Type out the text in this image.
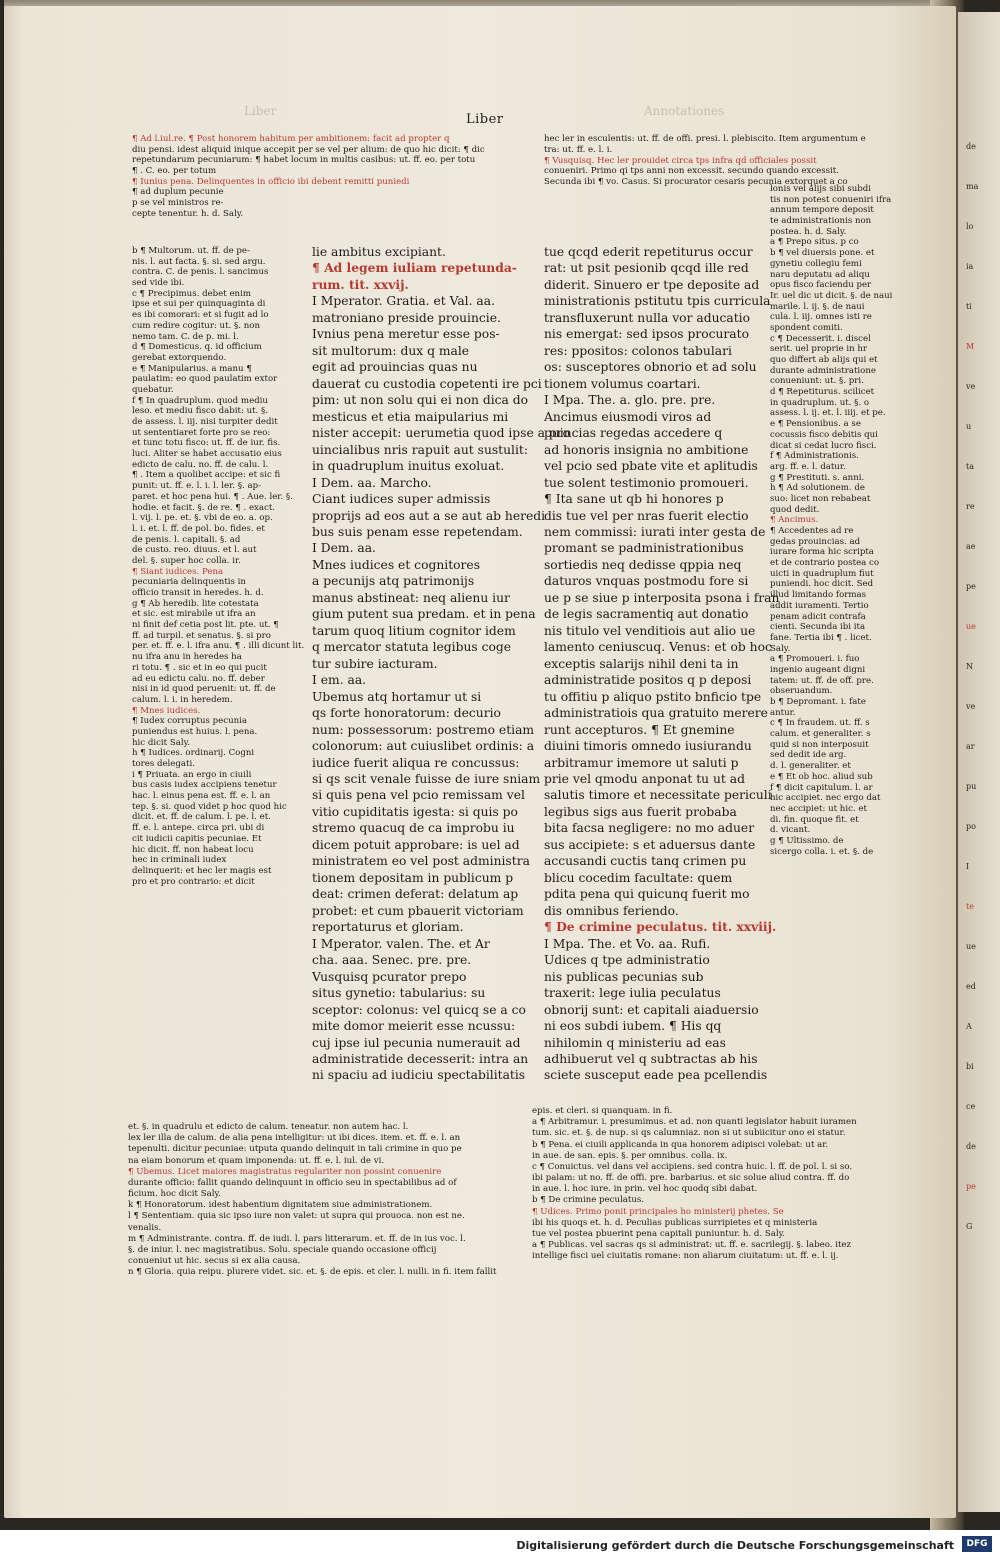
de
ma
lo
ia
ti
M
ve
u
ta
re
ae
pe
ue
N
ve
ar
pu
po
I
te
ue
ed
A
bi
ce
de
pe
G
Liber	Annotationes
Liber
¶ Ad l.iul.re. ¶ Post honorem habitum per ambitionem: facit ad propter q
diu pensi. idest aliquid inique accepit per se vel per alium: de quo hic dicit: ¶ dic
repetundarum pecuniarum: ¶ habet locum in multis casibus: ut. ff. eo. per totu
¶ . C. eo. per totum
¶ Iunius pena. Delinquentes in officio ibi debent remitti puniedi
¶ ad duplum pecunie
p se vel ministros re-
cepte tenentur. h. d. Saly.
b ¶ Multorum. ut. ff. de pe-
nis. l. aut facta. §. si. sed argu.
contra. C. de penis. l. sancimus
sed vide ibi.
c ¶ Precipimus. debet enim
ipse et sui per quinquaginta di
es ibi comorari: et si fugit ad lo
cum redire cogitur: ut. §. non
nemo tam. C. de p. mi. l.
d ¶ Domesticus. q. id officium
gerebat extorquendo.
e ¶ Manipularius. a manu ¶
paulatim: eo quod paulatim extor
quebatur.
f ¶ In quadruplum. quod mediu
leso. et mediu fisco dabit: ut. §.
de assess. l. iij. nisi turpiter dedit
ut sententiaret forte pro se reo:
et tunc totu fisco: ut. ff. de iur. fis.
luci. Aliter se habet accusatio eius
edicto de calu. no. ff. de calu. l.
¶ . Item a quolibet accipe: et sic fi
punit: ut. ff. e. l. i. l. ler. §. ap-
paret. et hoc pena hui. ¶ . Aue. ler. §.
hodie. et facit. §. de re. ¶ . exact.
l. vij. l. pe. et. §. vbi de eo. a. op.
l. i. et. l. ff. de pol. bo. fides. et
de penis. l. capitali. §. ad
de custo. reo. diuus. et l. aut
del. §. super hoc colla. ir.
¶ Siant iudices. Pena
pecuniaria delinquentis in
officio transit in heredes. h. d.
g ¶ Ab heredib. lite cotestata
et sic. est mirabile ut ifra an
ni finit def cetia post lit. pte. ut. ¶
ff. ad turpil. et senatus. §. si pro
per. et. ff. e. l. ifra anu. ¶ . illi dicunt lit.
nu ifra anu in heredes ha
ri totu. ¶ . sic et in eo qui pucit
ad eu edictu calu. no. ff. deber
nisi in id quod peruenit: ut. ff. de
calum. l. i. in heredem.
¶ Mnes iudices.
¶ Iudex corruptus pecunia
puniendus est huius. l. pena.
hic dicit Saly.
h ¶ Iudices. ordinarij. Cogni
tores delegati.
i ¶ Priuata. an ergo in ciuili
bus casis iudex accipiens tenetur
hac. l. einus pena est. ff. e. l. an
tep. §. si. quod videt p hoc quod hic
dicit. et. ff. de calum. l. pe. l. et.
ff. e. l. antepe. circa pri. ubi di
cit iudicii capitis pecuniae. Et
hic dicit. ff. non habeat locu
hec in criminali iudex
delinquerit: et hec ler magis est
pro et pro contrario: et dicit
lie ambitus excipiant.
¶ Ad legem iuliam repetunda-
rum. tit. xxvij.
I Mperator. Gratia. et Val. aa.
matroniano preside prouincie.
Ivnius pena meretur esse pos-
sit multorum: dux q male
egit ad prouincias quas nu
dauerat cu custodia copetenti ire pci
pim: ut non solu qui ei non dica do
mesticus et etia maipularius mi
nister accepit: uerumetia quod ipse a pro
uincialibus nris rapuit aut sustulit:
in quadruplum inuitus exoluat.
I Dem. aa. Marcho.
Ciant iudices super admissis
proprijs ad eos aut a se aut ab heredi
bus suis penam esse repetendam.
I Dem. aa.
Mnes iudices et cognitores
a pecunijs atq patrimonijs
manus abstineat: neq alienu iur
gium putent sua predam. et in pena
tarum quoq litium cognitor idem
q mercator statuta legibus coge
tur subire iacturam.
I em. aa.
Ubemus atq hortamur ut si
qs forte honoratorum: decurio
num: possessorum: postremo etiam
colonorum: aut cuiuslibet ordinis: a
iudice fuerit aliqua re concussus:
si qs scit venale fuisse de iure sniam
si quis pena vel pcio remissam vel
vitio cupiditatis igesta: si quis po
stremo quacuq de ca improbu iu
dicem potuit approbare: is uel ad
ministratem eo vel post administra
tionem depositam in publicum p
deat: crimen deferat: delatum ap
probet: et cum pbauerit victoriam
reportaturus et gloriam.
I Mperator. valen. The. et Ar
cha. aaa. Senec. pre. pre.
Vusquisq pcurator prepo
situs gynetio: tabularius: su
sceptor: colonus: vel quicq se a co
mite domor meierit esse ncussu:
cuj ipse iul pecunia numerauit ad
administratide decesserit: intra an
ni spaciu ad iudiciu spectabilitatis
et. §. in quadrulu et edicto de calum. teneatur. non autem hac. l.
lex ler illa de calum. de alia pena intelligitur: ut ibi dices. item. et. ff. e. l. an
tepenulti. dicitur pecuniae: utputa quando delinquit in tali crimine in quo pe
na eiam bonorum et quam imponenda: ut. ff. e. l. iul. de vi.
¶ Ubemus. Licet maiores magistratus regulariter non possint conuenire
durante officio: fallit quando delinquunt in officio seu in spectabilibus ad of
ficium. hoc dicit Saly.
k ¶ Honoratorum. idest habentium dignitatem siue administrationem.
l ¶ Sententiam. quia sic ipso iure non valet: ut supra qui prouoca. non est ne.
venalis.
m ¶ Administrante. contra. ff. de iudi. l. pars litterarum. et. ff. de in ius voc. l.
§. de iniur. l. nec magistratibus. Solu. speciale quando occasione officij
conueniut ut hic. secus si ex alia causa.
n ¶ Gloria. quia reipu. plurere videt. sic. et. §. de epis. et cler. l. nulli. in fi. item fallit
hec ler in esculentis: ut. ff. de offi. presi. l. plebiscito. Item argumentum e
tra: ut. ff. e. l. i.
¶ Vusquisq. Hec ler prouidet circa tps infra qd officiales possit
conueniri. Primo qi tps anni non excessit. secundo quando excessit.
Secunda ibi ¶ vo. Casus. Si procurator cesaris pecunia extorquet a co
tue qcqd ederit repetiturus occur
rat: ut psit pesionib qcqd ille red
diderit. Sinuero er tpe deposite ad
ministrationis pstitutu tpis curricula
transfluxerunt nulla vor aducatio
nis emergat: sed ipsos procurato
res: ppositos: colonos tabulari
os: susceptores obnorio et ad solu
tionem volumus coartari.
I Mpa. The. a. glo. pre. pre.
Ancimus eiusmodi viros ad
puincias regedas accedere q
ad honoris insignia no ambitione
vel pcio sed pbate vite et aplitudis
tue solent testimonio promoueri.
¶ Ita sane ut qb hi honores p
dis tue vel per nras fuerit electio
nem commissi: iurati inter gesta de
promant se padministrationibus
sortiedis neq dedisse qppia neq
daturos vnquas postmodu fore si
ue p se siue p interposita psona i fran
de legis sacramentiq aut donatio
nis titulo vel venditiois aut alio ue
lamento ceniuscuq. Venus: et ob hoc
exceptis salarijs nihil deni ta in
administratide positos q p deposi
tu offitiu p aliquo pstito bnficio tpe
administratiois qua gratuito merere
runt accepturos. ¶ Et gnemine
diuini timoris omnedo iusiurandu
arbitramur imemore ut saluti p
prie vel qmodu anponat tu ut ad
salutis timore et necessitate periculi
legibus sigs aus fuerit probaba
bita facsa negligere: no mo aduer
sus accipiete: s et aduersus dante
accusandi cuctis tanq crimen pu
blicu cocedim facultate: quem
pdita pena qui quicunq fuerit mo
dis omnibus feriendo.
¶ De crimine peculatus. tit. xxviij.
I Mpa. The. et Vo. aa. Rufi.
Udices q tpe administratio
nis publicas pecunias sub
traxerit: lege iulia peculatus
obnorij sunt: et capitali aiaduersio
ni eos subdi iubem. ¶ His qq
nihilomin q ministeriu ad eas
adhibuerut vel q subtractas ab his
sciete susceput eade pea pcellendis
lonis vel alijs sibi subdi
tis non potest conueniri ifra
annum tempore deposit
te administrationis non
postea. h. d. Saly.
a ¶ Prepo situs. p co
b ¶ vel diuersis pone. et
gynetiu collegiu femi
naru deputatu ad aliqu
opus fisco faciendu per
Ir. uel dic ut dicit. §. de naui
marile. l. ij. §. de naui
cula. l. iij. omnes isti re
spondent comiti.
c ¶ Decesserit. i. discel
serit. uel proprie in hr
quo differt ab alijs qui et
durante administratione
conueniunt: ut. §. pri.
d ¶ Repetiturus. scilicet
in quadruplum. ut. §. o
assess. l. ij. et. l. iiij. et pe.
e ¶ Pensionibus. a se
cocussis fisco debitis qui
dicat si cedat lucro fisci.
f ¶ Administrationis.
arg. ff. e. l. datur.
g ¶ Prestituti. s. anni.
h ¶ Ad solutionem. de
suo: licet non rebabeat
quod dedit.
¶ Ancimus.
¶ Accedentes ad re
gedas prouincias. ad
iurare forma hic scripta
et de contrario postea co
uicti in quadruplum fiut
puniendi. hoc dicit. Sed
illud limitando formas
addit iuramenti. Tertio
penam adicit contrafa
cienti. Secunda ibi ita
fane. Tertia ibi ¶ . licet.
Saly.
a ¶ Promoueri. i. fuo
ingenio augeant digni
tatem: ut. ff. de off. pre.
obseruandum.
b ¶ Depromant. i. fate
antur.
c ¶ In fraudem. ut. ff. s
calum. et generaliter. s
quid si non interposuit
sed dedit ide arg.
d. l. generaliter. et
e ¶ Et ob hoc. aliud sub
f ¶ dicit capitulum. l. ar
hic accipiet. nec ergo dat
nec accipiet: ut hic. et
di. fin. quoque fit. et
d. vicant.
g ¶ Ultissimo. de
sicergo colla. i. et. §. de
epis. et cleri. si quanquam. in fi.
a ¶ Arbitramur. i. presumimus. et ad. non quanti legislator habuit iuramen
tum. sic. et. §. de nup. si qs calumniaz. non si ut subiicitur ono ei statur.
b ¶ Pena. ei ciuili applicanda in qua honorem adipisci volebat: ut ar.
in aue. de san. epis. §. per omnibus. colla. ix.
c ¶ Conuictus. vel dans vel accipiens. sed contra huic. l. ff. de pol. l. si so.
ibi palam: ut no. ff. de offi. pre. barbarius. et sic solue aliud contra. ff. do
in aue. l. hoc iure. in prin. vel hoc quodq sibi dabat.
b ¶ De crimine peculatus.
¶ Udices. Primo ponit principales ho ministerij phetes. Se
ibi his quoqs et. h. d. Peculias publicas surripietes et q ministeria
tue vel postea pbuerint pena capitali puniuntur. h. d. Saly.
a ¶ Publicas. vel sacras qs si administrat: ut. ff. e. sacrilegij. §. labeo. itez
intellige fisci uel ciuitatis romane: non aliarum ciuitatum: ut. ff. e. l. ij.
Digitalisierung gefördert durch die Deutsche Forschungsgemeinschaft	DFG
